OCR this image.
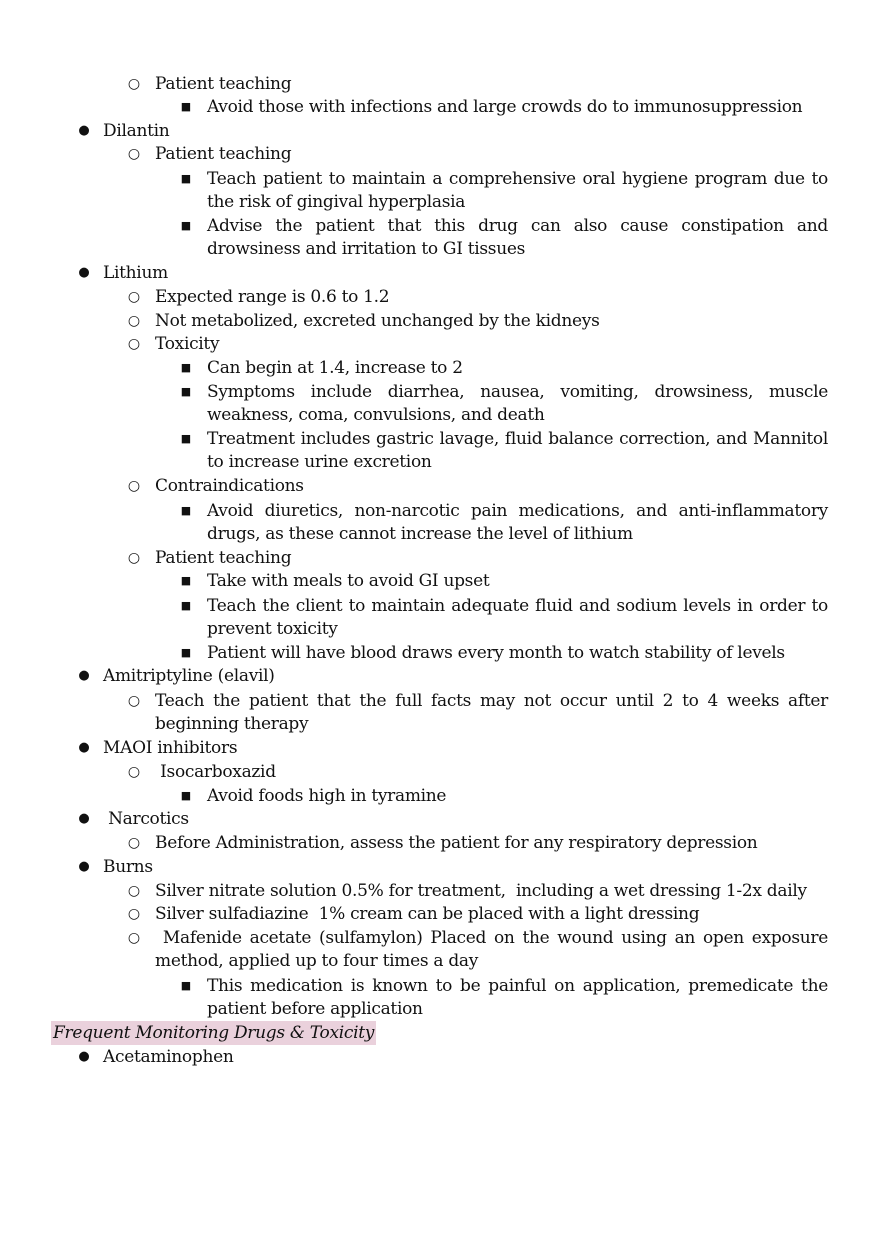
○ Patient teaching
■ Avoid those with infections and large crowds do to immunosuppression
● Dilantin
○ Patient teaching
■ Teach patient to maintain a comprehensive oral hygiene program due to the risk of gingival hyperplasia
■ Advise the patient that this drug can also cause constipation and drowsiness and irritation to GI tissues
● Lithium
○ Expected range is 0.6 to 1.2
○ Not metabolized, excreted unchanged by the kidneys
○ Toxicity
■ Can begin at 1.4, increase to 2
■ Symptoms include diarrhea, nausea, vomiting, drowsiness, muscle weakness, coma, convulsions, and death
■ Treatment includes gastric lavage, fluid balance correction, and Mannitol to increase urine excretion
○ Contraindications
■ Avoid diuretics, non-narcotic pain medications, and anti-inflammatory drugs, as these cannot increase the level of lithium
○ Patient teaching
■ Take with meals to avoid GI upset
■ Teach the client to maintain adequate fluid and sodium levels in order to prevent toxicity
■ Patient will have blood draws every month to watch stability of levels
● Amitriptyline (elavil)
○ Teach the patient that the full facts may not occur until 2 to 4 weeks after beginning therapy
● MAOI inhibitors
○ Isocarboxazid
■ Avoid foods high in tyramine
● Narcotics
○ Before Administration, assess the patient for any respiratory depression
● Burns
○ Silver nitrate solution 0.5% for treatment,  including a wet dressing 1-2x daily
○ Silver sulfadiazine  1% cream can be placed with a light dressing
○ Mafenide acetate (sulfamylon) Placed on the wound using an open exposure method, applied up to four times a day
■ This medication is known to be painful on application, premedicate the patient before application
Frequent Monitoring Drugs & Toxicity
● Acetaminophen
